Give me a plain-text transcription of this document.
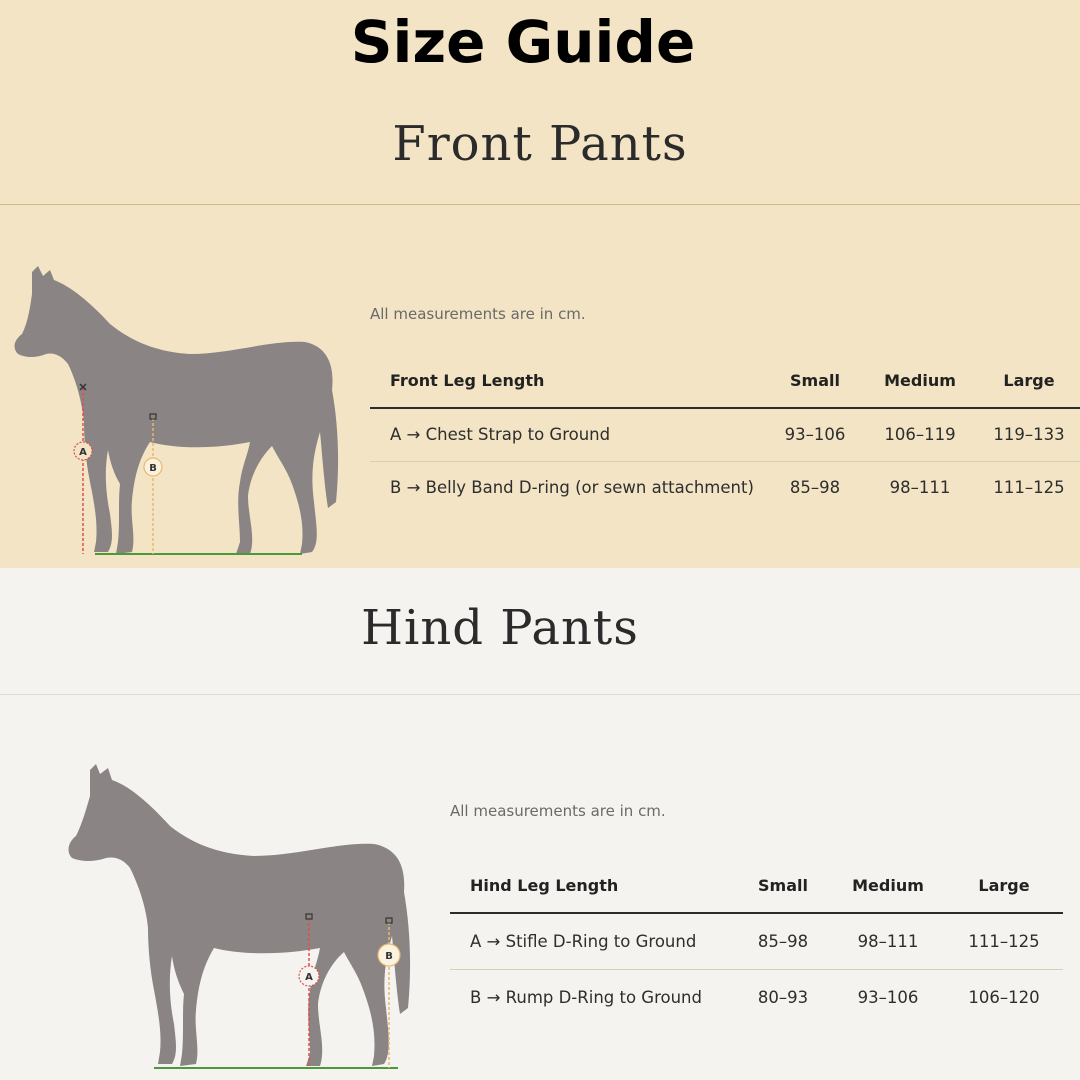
Size Guide
Front Pants
A
B
All measurements are in cm.
Front Leg Length	Small	Medium	Large
A → Chest Strap to Ground	93–106	106–119	119–133
B → Belly Band D-ring (or sewn attachment)	85–98	98–111	111–125
Hind Pants
A
B
All measurements are in cm.
Hind Leg Length	Small	Medium	Large
A → Stifle D-Ring to Ground	85–98	98–111	111–125
B → Rump D-Ring to Ground	80–93	93–106	106–120
